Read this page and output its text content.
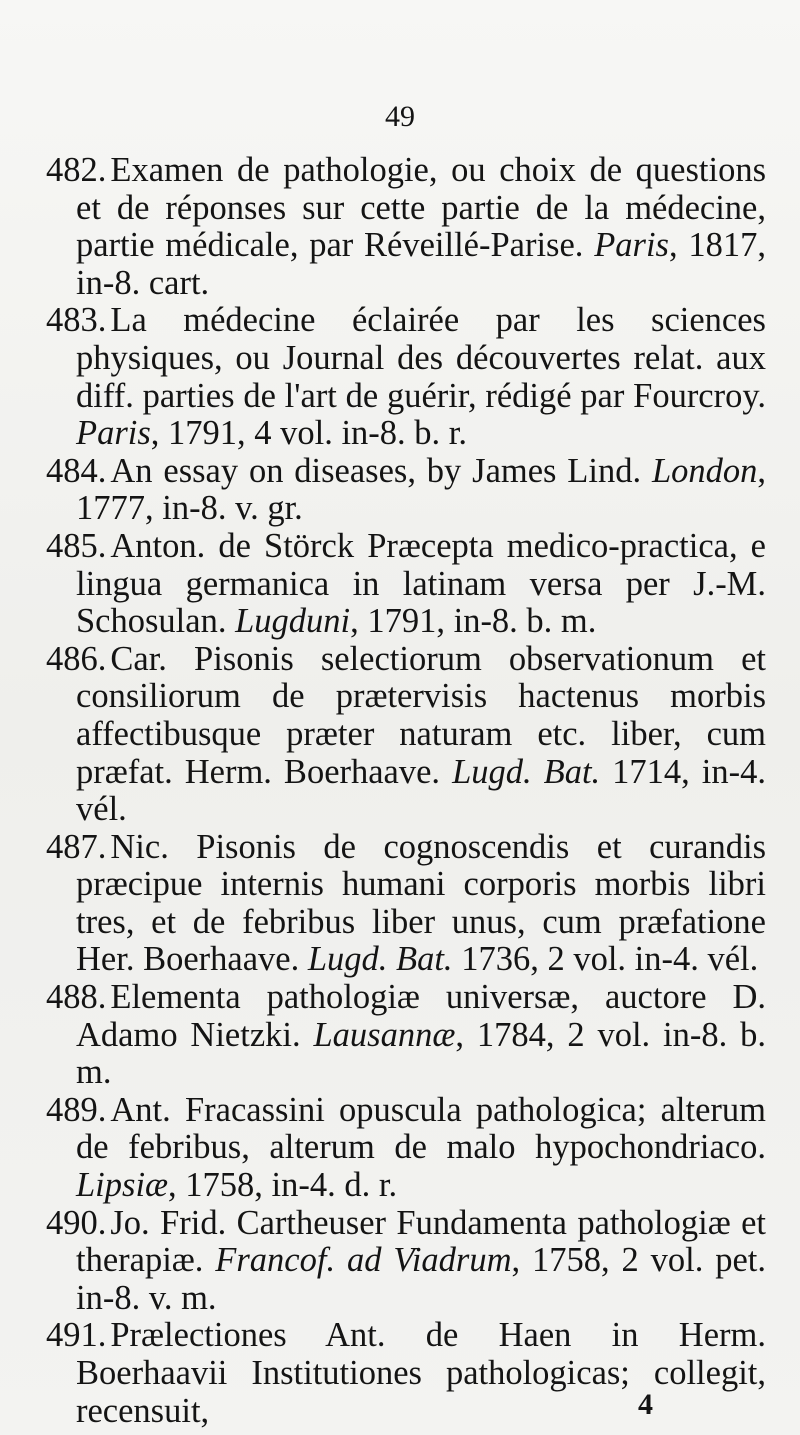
49
482. Examen de pathologie, ou choix de questions et de réponses sur cette partie de la médecine, partie médicale, par Réveillé-Parise. Paris, 1817, in-8. cart.
483. La médecine éclairée par les sciences physiques, ou Journal des découvertes relat. aux diff. parties de l'art de guérir, rédigé par Fourcroy. Paris, 1791, 4 vol. in-8. b. r.
484. An essay on diseases, by James Lind. London, 1777, in-8. v. gr.
485. Anton. de Störck Præcepta medico-practica, e lingua germanica in latinam versa per J.-M. Schosulan. Lugduni, 1791, in-8. b. m.
486. Car. Pisonis selectiorum observationum et consiliorum de prætervisis hactenus morbis affectibusque præter naturam etc. liber, cum præfat. Herm. Boerhaave. Lugd. Bat. 1714, in-4. vél.
487. Nic. Pisonis de cognoscendis et curandis præcipue internis humani corporis morbis libri tres, et de febribus liber unus, cum præfatione Her. Boerhaave. Lugd. Bat. 1736, 2 vol. in-4. vél.
488. Elementa pathologiæ universæ, auctore D. Adamo Nietzki. Lausannæ, 1784, 2 vol. in-8. b. m.
489. Ant. Fracassini opuscula pathologica; alterum de febribus, alterum de malo hypochondriaco. Lipsiæ, 1758, in-4. d. r.
490. Jo. Frid. Cartheuser Fundamenta pathologiæ et therapiæ. Francof. ad Viadrum, 1758, 2 vol. pet. in-8. v. m.
491. Prælectiones Ant. de Haen in Herm. Boerhaavii Institutiones pathologicas; collegit, recensuit,	4
